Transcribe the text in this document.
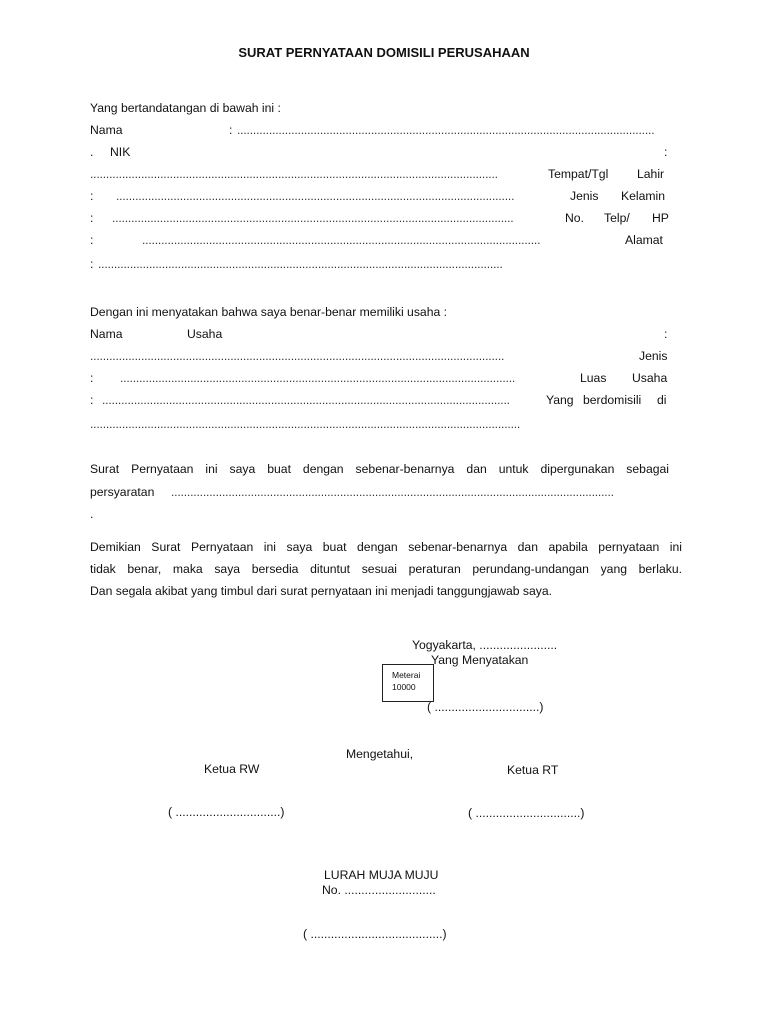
SURAT PERNYATAAN DOMISILI PERUSAHAAN
Yang bertandatangan di bawah ini :
Nama	: ...................................................................................................................................
. NIK	:
................................................................................................................................	Tempat/Tgl Lahir
: .............................................................................................................................	Jenis Kelamin
: ..............................................................................................................................	No. Telp/ HP
:	.............................................................................................................................	Alamat
: ...............................................................................................................................
Dengan ini menyatakan bahwa saya benar-benar memiliki usaha :
Nama	Usaha	:
..................................................................................................................................	Jenis
: ............................................................................................................................	Luas Usaha
: ................................................................................................................................	Yang berdomisili di
.......................................................................................................................................
Surat Pernyataan ini saya buat dengan sebenar-benarnya dan untuk dipergunakan sebagai
persyaratan ...........................................................................................................................................
.
Demikian Surat Pernyataan ini saya buat dengan sebenar-benarnya dan apabila pernyataan ini
tidak benar, maka saya bersedia dituntut sesuai peraturan perundang-undangan yang berlaku.
Dan segala akibat yang timbul dari surat pernyataan ini menjadi tanggungjawab saya.
Yogyakarta, .......................
Yang Menyatakan
Meterai
10000
( ...............................)
Mengetahui,
Ketua RW	Ketua RT
( ...............................)	( ...............................)
LURAH MUJA MUJU
No. ...........................
( .......................................)
